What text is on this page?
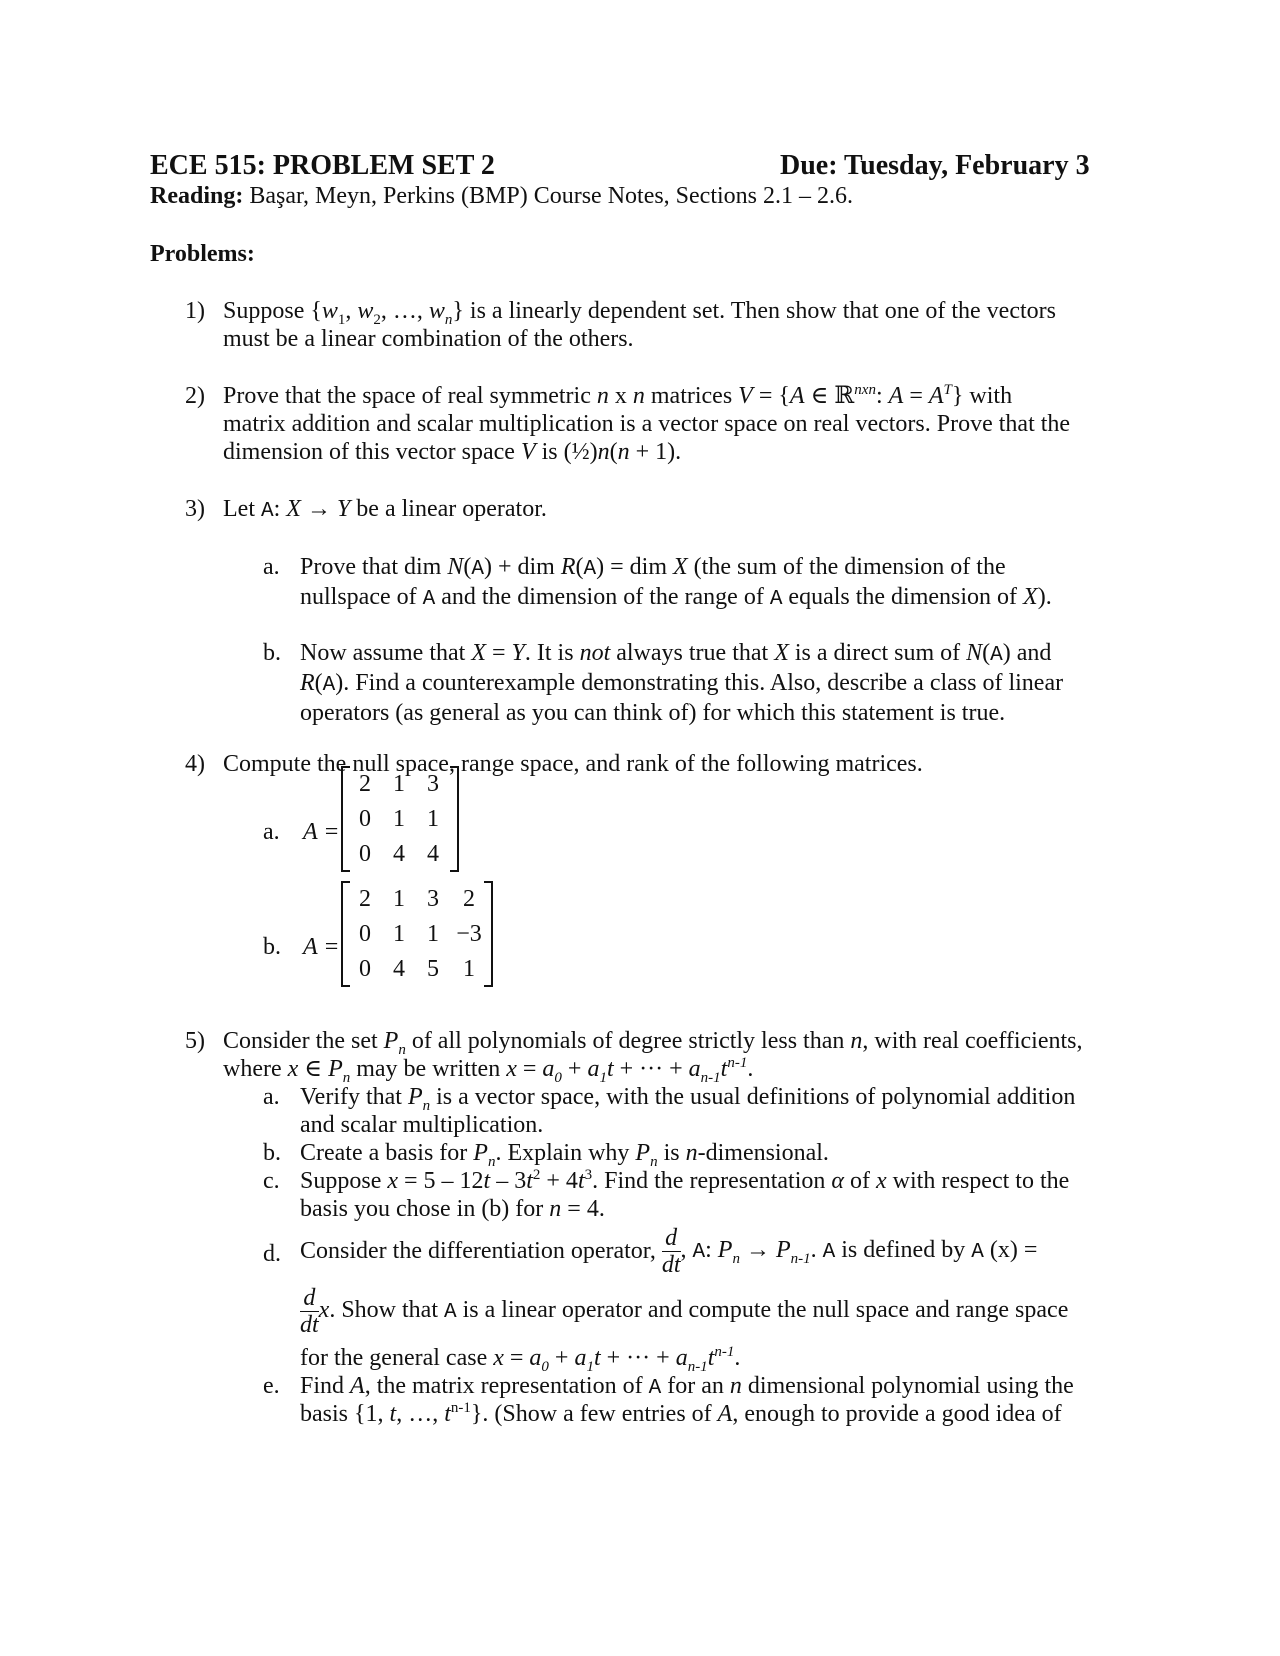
ECE 515: PROBLEM SET 2	Due: Tuesday, February 3
Reading: Başar, Meyn, Perkins (BMP) Course Notes, Sections 2.1 – 2.6.
Problems:
1) Suppose {$w_1$, $w_2$, …, $w_n$} is a linearly dependent set. Then show that one of the vectors
must be a linear combination of the others.
2) Prove that the space of real symmetric n x n matrices V = {A ∈ ℝ$^{nxn}$: $A = A^T$} with
matrix addition and scalar multiplication is a vector space on real vectors. Prove that the
dimension of this vector space V is (½)n(n + 1).
3) Let A: X → Y be a linear operator.
a. Prove that dim N(A) + dim R(A) = dim X (the sum of the dimension of the
nullspace of A and the dimension of the range of A equals the dimension of X).
b. Now assume that X = Y. It is not always true that X is a direct sum of N(A) and
R(A). Find a counterexample demonstrating this. Also, describe a class of linear
operators (as general as you can think of) for which this statement is true.
4) Compute the null space, range space, and rank of the following matrices.
a. A =
2 1 3
0 1 1
0 4 4
b. A =
2 1 3	2
0 1 1 −3
0 4 5	1
5) Consider the set $P_n$ of all polynomials of degree strictly less than n, with real coefficients,
where x ∈ $P_n$ may be written $x = a_0 + a_1t$ + ··· + $a_{n-1}t^{n-1}$.
a. Verify that $P_n$ is a vector space, with the usual definitions of polynomial addition
and scalar multiplication.
b. Create a basis for $P_n$. Explain why $P_n$ is n-dimensional.
c. Suppose $x = 5 - 12t - 3t^2 + 4t^3$. Find the representation α of x with respect to the
basis you chose in (b) for n = 4.
d. Consider the differentiation operator, $\frac{d}{dt}$ , A: $P_n \to P_{n-1}$. A is defined by A (x) =
$\frac{d}{dt} x$. Show that A is a linear operator and compute the null space and range space
for the general case $x = a_0 + a_1t$ + ··· + $a_{n-1}t^{n-1}$.
e. Find A, the matrix representation of A for an n dimensional polynomial using the
basis {1, t, …, $t^{n-1}$}. (Show a few entries of A, enough to provide a good idea of
